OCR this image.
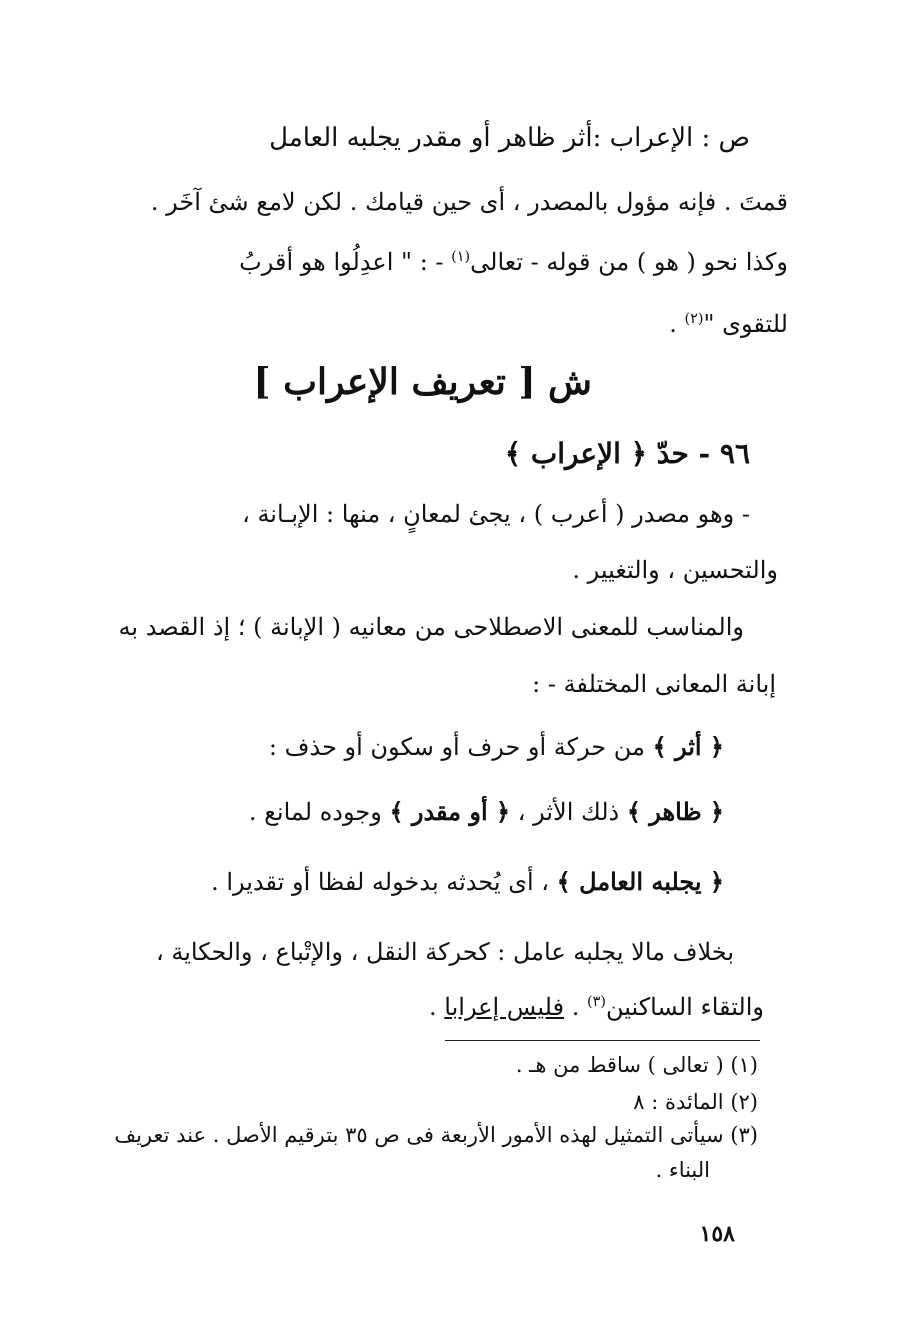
ص : الإعراب :أثر ظاهر أو مقدر يجلبه العامل
قمتَ . فإنه مؤول بالمصدر ، أى حين قيامك . لكن لامع شئ آخَر .
وكذا نحو ( هو ) من قوله - تعالى$^{(١)}$ - : " اعدِلُوا هو أقربُ
للتقوى "$^{(٢)}$ .
ش [ تعريف الإعراب ]
٩٦ - حدّ ﴿ الإعراب ﴾
- وهو مصدر ( أعرب ) ، يجئ لمعانٍ ، منها : الإبـانة ،
والتحسين ، والتغيير .
والمناسب للمعنى الاصطلاحى من معانيه ( الإبانة ) ؛ إذ القصد به
إبانة المعانى المختلفة - :
﴿ أثر ﴾ من حركة أو حرف أو سكون أو حذف :
﴿ ظاهر ﴾ ذلك الأثر ، ﴿ أو مقدر ﴾ وجوده لمانع .
﴿ يجلبه العامل ﴾ ، أى يُحدثه بدخوله لفظا أو تقديرا .
بخلاف مالا يجلبه عامل : كحركة النقل ، والإتْباع ، والحكاية ،
والتقاء الساكنين$^{(٣)}$ . فليس إعرابا .
(١) ( تعالى ) ساقط من هـ .
(٢) المائدة : ٨
(٣) سيأتى التمثيل لهذه الأمور الأربعة فى ص ٣٥ بترقيم الأصل . عند تعريف
البناء .
١٥٨
